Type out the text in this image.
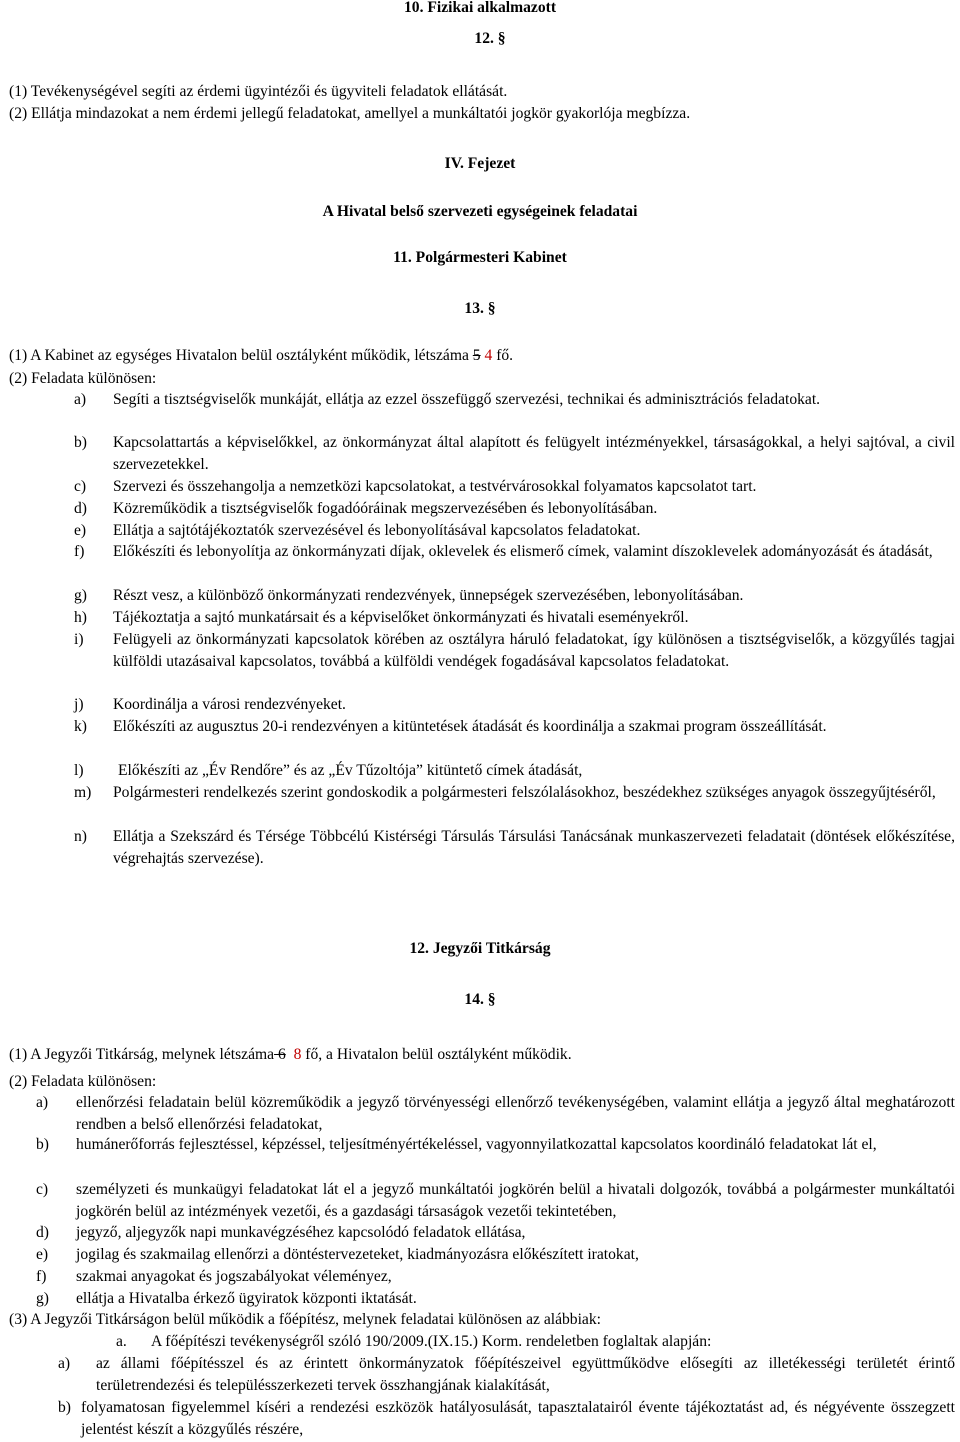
10. Fizikai alkalmazott
12. §
(1) Tevékenységével segíti az érdemi ügyintézői és ügyviteli feladatok ellátását.
(2) Ellátja mindazokat a nem érdemi jellegű feladatokat, amellyel a munkáltatói jogkör gyakorlója megbízza.
IV. Fejezet
A Hivatal belső szervezeti egységeinek feladatai
11. Polgármesteri Kabinet
13. §
(1) A Kabinet az egységes Hivatalon belül osztályként működik, létszáma 5 4 fő.
(2) Feladata különösen:
a) Segíti a tisztségviselők munkáját, ellátja az ezzel összefüggő szervezési, technikai és adminisztrációs feladatokat.
b) Kapcsolattartás a képviselőkkel, az önkormányzat által alapított és felügyelt intézményekkel, társaságokkal, a helyi sajtóval, a civil szervezetekkel.
c) Szervezi és összehangolja a nemzetközi kapcsolatokat, a testvérvárosokkal folyamatos kapcsolatot tart.
d) Közreműködik a tisztségviselők fogadóóráinak megszervezésében és lebonyolításában.
e) Ellátja a sajtótájékoztatók szervezésével és lebonyolításával kapcsolatos feladatokat.
f) Előkészíti és lebonyolítja az önkormányzati díjak, oklevelek és elismerő címek, valamint díszoklevelek adományozását és átadását,
g) Részt vesz, a különböző önkormányzati rendezvények, ünnepségek szervezésében, lebonyolításában.
h) Tájékoztatja a sajtó munkatársait és a képviselőket önkormányzati és hivatali eseményekről.
i) Felügyeli az önkormányzati kapcsolatok körében az osztályra háruló feladatokat, így különösen a tisztségviselők, a közgyűlés tagjai külföldi utazásaival kapcsolatos, továbbá a külföldi vendégek fogadásával kapcsolatos feladatokat.
j) Koordinálja a városi rendezvényeket.
k) Előkészíti az augusztus 20-i rendezvényen a kitüntetések átadását és koordinálja a szakmai program összeállítását.
l) Előkészíti az „Év Rendőre” és az „Év Tűzoltója” kitüntető címek átadását,
m) Polgármesteri rendelkezés szerint gondoskodik a polgármesteri felszólalásokhoz, beszédekhez szükséges anyagok összegyűjtéséről,
n) Ellátja a Szekszárd és Térsége Többcélú Kistérségi Társulás Társulási Tanácsának munkaszervezeti feladatait (döntések előkészítése, végrehajtás szervezése).
12. Jegyzői Titkárság
14. §
(1) A Jegyzői Titkárság, melynek létszáma 6 8 fő, a Hivatalon belül osztályként működik.
(2) Feladata különösen:
a) ellenőrzési feladatain belül közreműködik a jegyző törvényességi ellenőrző tevékenységében, valamint ellátja a jegyző által meghatározott rendben a belső ellenőrzési feladatokat,
b) humánerőforrás fejlesztéssel, képzéssel, teljesítményértékeléssel, vagyonnyilatkozattal kapcsolatos koordináló feladatokat lát el,
c) személyzeti és munkaügyi feladatokat lát el a jegyző munkáltatói jogkörén belül a hivatali dolgozók, továbbá a polgármester munkáltatói jogkörén belül az intézmények vezetői, és a gazdasági társaságok vezetői tekintetében,
d) jegyző, aljegyzők napi munkavégzéséhez kapcsolódó feladatok ellátása,
e) jogilag és szakmailag ellenőrzi a döntéstervezeteket, kiadmányozásra előkészített iratokat,
f) szakmai anyagokat és jogszabályokat véleményez,
g) ellátja a Hivatalba érkező ügyiratok központi iktatását.
(3) A Jegyzői Titkárságon belül működik a főépítész, melynek feladatai különösen az alábbiak:
a. A főépítészi tevékenységről szóló 190/2009.(IX.15.) Korm. rendeletben foglaltak alapján:
a) az állami főépítésszel és az érintett önkormányzatok főépítészeivel együttműködve elősegíti az illetékességi területét érintő területrendezési és településszerkezeti tervek összhangjának kialakítását,
b) folyamatosan figyelemmel kíséri a rendezési eszközök hatályosulását, tapasztalatairól évente tájékoztatást ad, és négyévente összegzett jelentést készít a közgyűlés részére,
